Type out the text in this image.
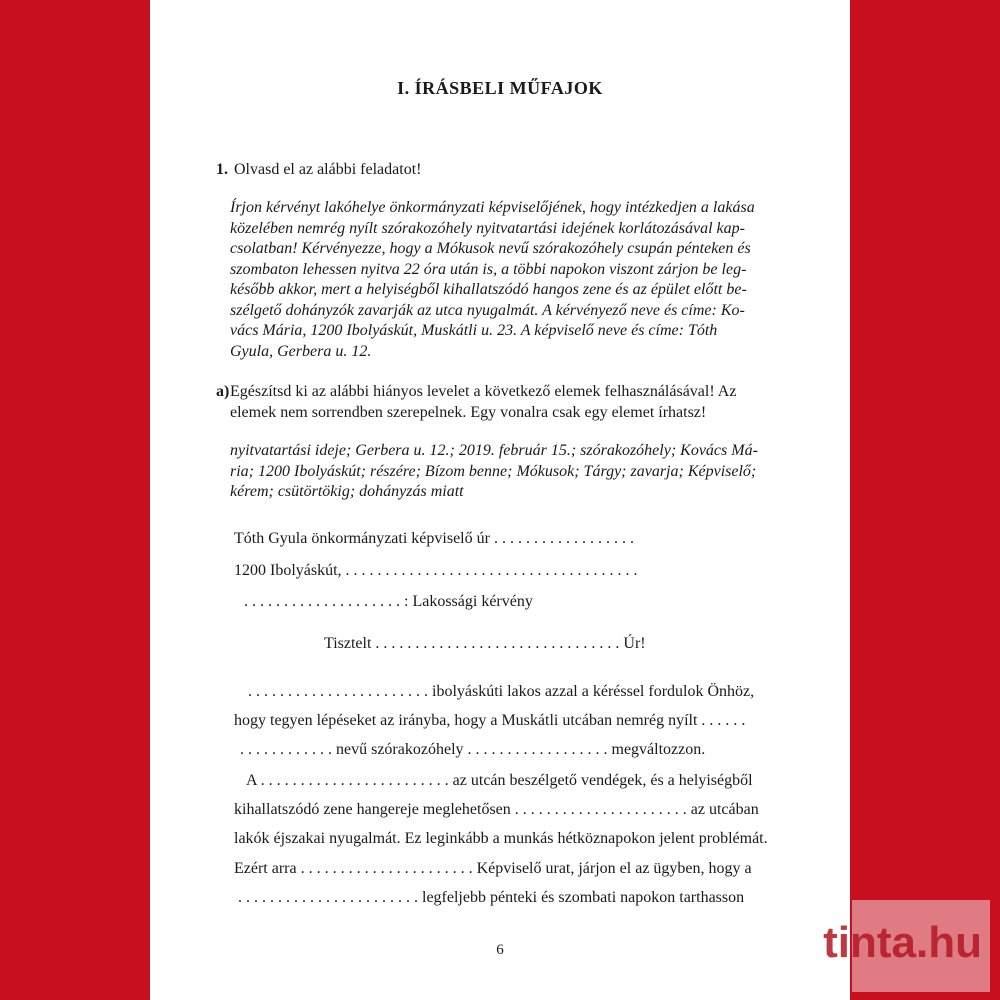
I. ÍRÁSBELI MŰFAJOK
1. Olvasd el az alábbi feladatot!
Írjon kérvényt lakóhelye önkormányzati képviselőjének, hogy intézkedjen a lakása
közelében nemrég nyílt szórakozóhely nyitvatartási idejének korlátozásával kap-
csolatban! Kérvényezze, hogy a Mókusok nevű szórakozóhely csupán pénteken és
szombaton lehessen nyitva 22 óra után is, a többi napokon viszont zárjon be leg-
később akkor, mert a helyiségből kihallatszódó hangos zene és az épület előtt be-
szélgető dohányzók zavarják az utca nyugalmát. A kérvényező neve és címe: Ko-
vács Mária, 1200 Ibolyáskút, Muskátli u. 23. A képviselő neve és címe: Tóth
Gyula, Gerbera u. 12.
a) Egészítsd ki az alábbi hiányos levelet a következő elemek felhasználásával! Az
elemek nem sorrendben szerepelnek. Egy vonalra csak egy elemet írhatsz!
nyitvatartási ideje; Gerbera u. 12.; 2019. február 15.; szórakozóhely; Kovács Má-
ria; 1200 Ibolyáskút; részére; Bízom benne; Mókusok; Tárgy; zavarja; Képviselő;
kérem; csütörtökig; dohányzás miatt
Tóth Gyula önkormányzati képviselő úr . . . . . . . . . . . . . . . . . .
1200 Ibolyáskút, . . . . . . . . . . . . . . . . . . . . . . . . . . . . . . . . . . . . .
. . . . . . . . . . . . . . . . . . . . : Lakossági kérvény
Tisztelt . . . . . . . . . . . . . . . . . . . . . . . . . . . . . . . Úr!
. . . . . . . . . . . . . . . . . . . . . . . ibolyáskúti lakos azzal a kéréssel fordulok Önhöz,
hogy tegyen lépéseket az irányba, hogy a Muskátli utcában nemrég nyílt . . . . . .
. . . . . . . . . . . . nevű szórakozóhely . . . . . . . . . . . . . . . . . . megváltozzon.
A . . . . . . . . . . . . . . . . . . . . . . . . az utcán beszélgető vendégek, és a helyiségből
kihallatszódó zene hangereje meglehetősen . . . . . . . . . . . . . . . . . . . . . . az utcában
lakók éjszakai nyugalmát. Ez leginkább a munkás hétköznapokon jelent problémát.
Ezért arra . . . . . . . . . . . . . . . . . . . . . . Képviselő urat, járjon el az ügyben, hogy a
. . . . . . . . . . . . . . . . . . . . . . . legfeljebb pénteki és szombati napokon tarthasson
6	tinta.hu
